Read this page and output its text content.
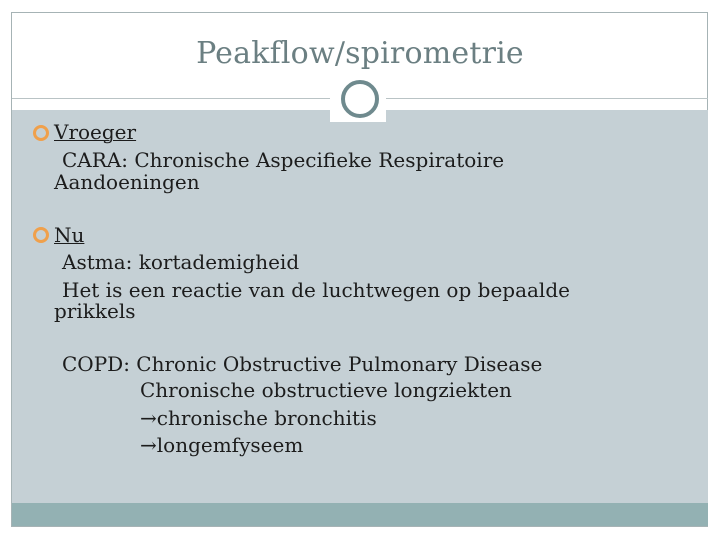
Peakflow/spirometrie
Vroeger
CARA: Chronische Aspecifieke Respiratoire
Aandoeningen
Nu
Astma: kortademigheid
Het is een reactie van de luchtwegen op bepaalde
prikkels
COPD: Chronic Obstructive Pulmonary Disease
Chronische obstructieve longziekten
→chronische bronchitis
→longemfyseem
